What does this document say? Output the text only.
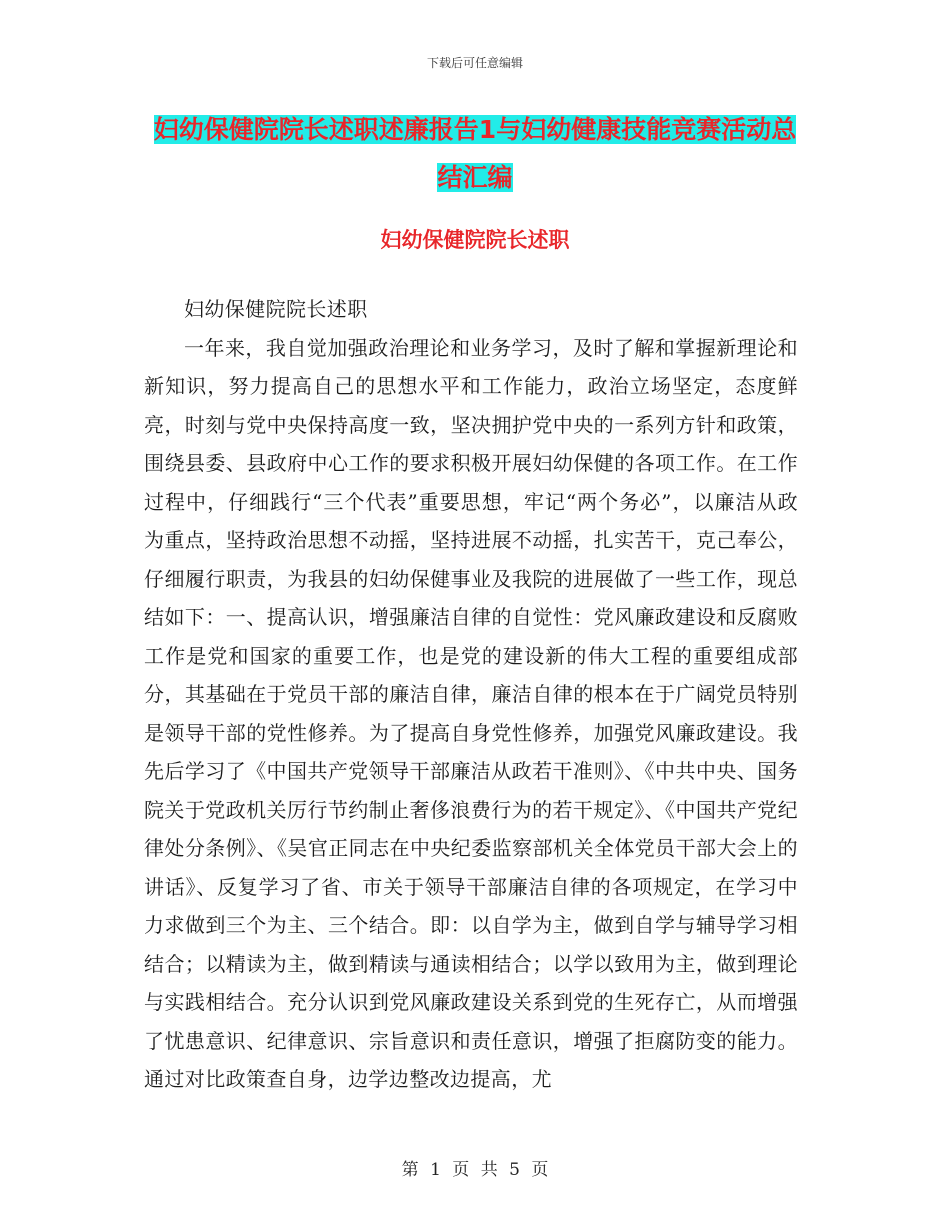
下载后可任意编辑
妇幼保健院院长述职述廉报告1与妇幼健康技能竞赛活动总结汇编
妇幼保健院院长述职

妇幼保健院院长述职

一年来，我自觉加强政治理论和业务学习，及时了解和掌握新理论和新知识，努力提高自己的思想水平和工作能力，政治立场坚定，态度鲜亮，时刻与党中央保持高度一致，坚决拥护党中央的一系列方针和政策，围绕县委、县政府中心工作的要求积极开展妇幼保健的各项工作。在工作过程中，仔细践行“三个代表”重要思想，牢记“两个务必”，以廉洁从政为重点，坚持政治思想不动摇，坚持进展不动摇，扎实苦干，克己奉公，仔细履行职责，为我县的妇幼保健事业及我院的进展做了一些工作，现总结如下：一、提高认识，增强廉洁自律的自觉性：党风廉政建设和反腐败工作是党和国家的重要工作，也是党的建设新的伟大工程的重要组成部分，其基础在于党员干部的廉洁自律，廉洁自律的根本在于广阔党员特别是领导干部的党性修养。为了提高自身党性修养，加强党风廉政建设。我先后学习了《中国共产党领导干部廉洁从政若干准则》、《中共中央、国务院关于党政机关厉行节约制止奢侈浪费行为的若干规定》、《中国共产党纪律处分条例》、《吴官正同志在中央纪委监察部机关全体党员干部大会上的讲话》、反复学习了省、市关于领导干部廉洁自律的各项规定，在学习中力求做到三个为主、三个结合。即：以自学为主，做到自学与辅导学习相结合；以精读为主，做到精读与通读相结合；以学以致用为主，做到理论与实践相结合。充分认识到党风廉政建设关系到党的生死存亡，从而增强了忧患意识、纪律意识、宗旨意识和责任意识，增强了拒腐防变的能力。通过对比政策查自身，边学边整改边提高，尤

第 1 页 共 5 页
